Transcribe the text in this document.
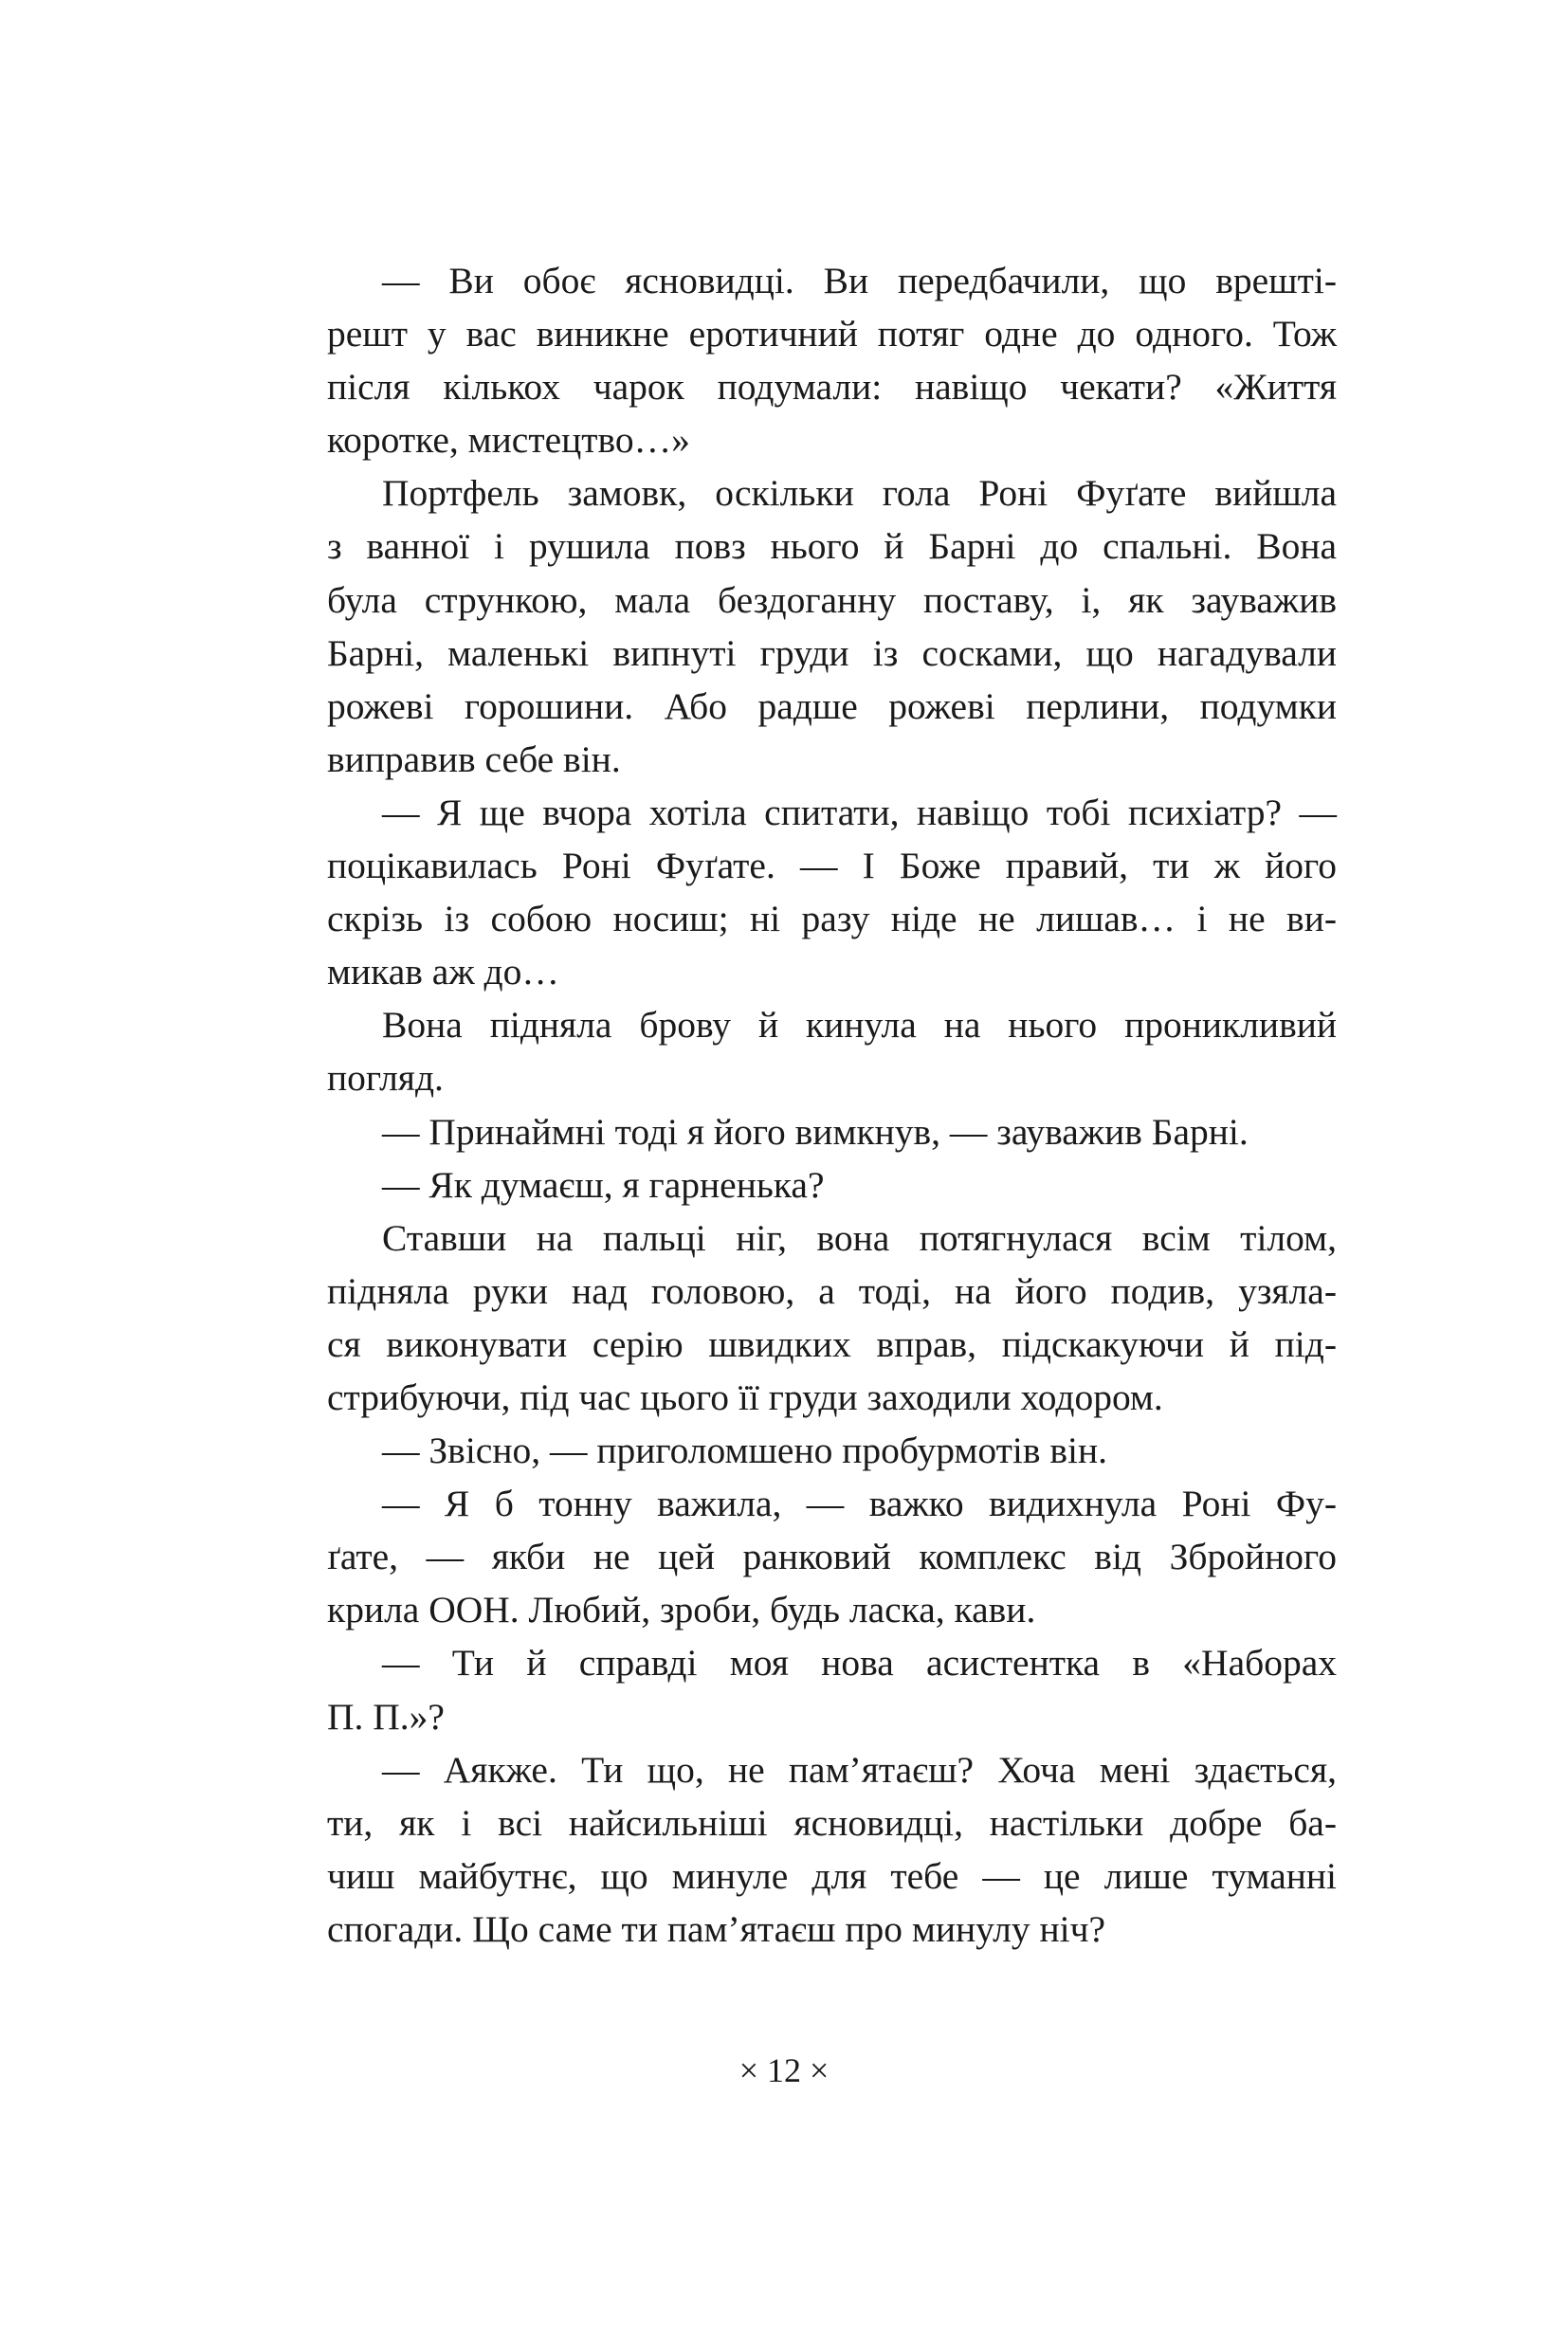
— Ви обоє ясновидці. Ви передбачили, що врешті-
решт у вас виникне еротичний потяг одне до одного. Тож
після кількох чарок подумали: навіщо чекати? «Життя
коротке, мистецтво…»
Портфель замовк, оскільки гола Роні Фуґате вийшла
з ванної і рушила повз нього й Барні до спальні. Вона
була стрункою, мала бездоганну поставу, і, як зауважив
Барні, маленькі випнуті груди із сосками, що нагадували
рожеві горошини. Або радше рожеві перлини, подумки
виправив себе він.
— Я ще вчора хотіла спитати, навіщо тобі психіатр? —
поцікавилась Роні Фуґате. — І Боже правий, ти ж його
скрізь із собою носиш; ні разу ніде не лишав… і не ви-
микав аж до…
Вона підняла брову й кинула на нього проникливий
погляд.
— Принаймні тоді я його вимкнув, — зауважив Барні.
— Як думаєш, я гарненька?
Ставши на пальці ніг, вона потягнулася всім тілом,
підняла руки над головою, а тоді, на його подив, узяла-
ся виконувати серію швидких вправ, підскакуючи й під-
стрибуючи, під час цього її груди заходили ходором.
— Звісно, — приголомшено пробурмотів він.
— Я б тонну важила, — важко видихнула Роні Фу-
ґате, — якби не цей ранковий комплекс від Збройного
крила ООН. Любий, зроби, будь ласка, кави.
— Ти й справді моя нова асистентка в «Наборах
П. П.»?
— Аякже. Ти що, не пам’ятаєш? Хоча мені здається,
ти, як і всі найсильніші ясновидці, настільки добре ба-
чиш майбутнє, що минуле для тебе — це лише туманні
спогади. Що саме ти пам’ятаєш про минулу ніч?
× 12 ×
